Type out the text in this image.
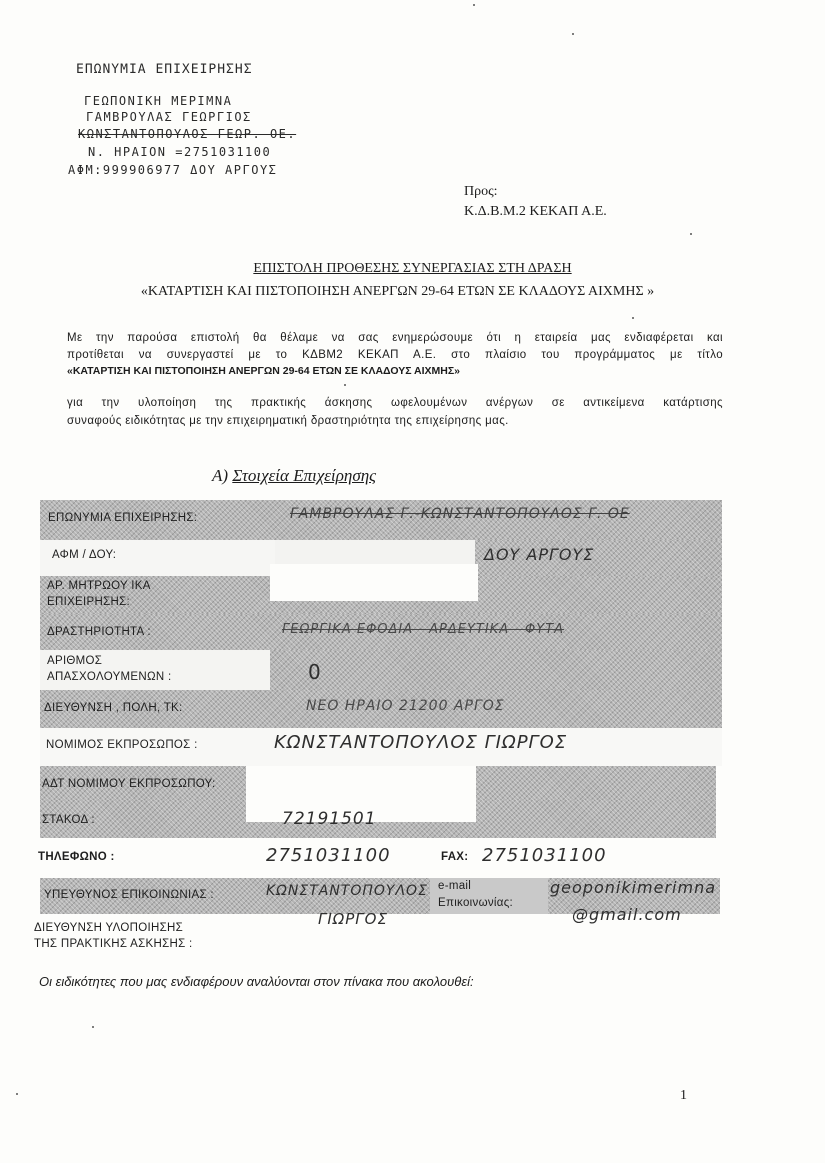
ΕΠΩΝΥΜΙΑ ΕΠΙΧΕΙΡΗΣΗΣ
ΓΕΩΠΟΝΙΚΗ ΜΕΡΙΜΝΑ
ΓΑΜΒΡΟΥΛΑΣ ΓΕΩΡΓΙΟΣ
ΚΩΝΣΤΑΝΤΟΠΟΥΛΟΣ ΓΕΩΡ. ΟΕ.
Ν. ΗΡΑΙΟΝ =2751031100
ΑΦΜ:999906977 ΔΟΥ ΑΡΓΟΥΣ
Προς:
Κ.Δ.Β.Μ.2 ΚΕΚΑΠ Α.Ε.
ΕΠΙΣΤΟΛΗ ΠΡΟΘΕΣΗΣ ΣΥΝΕΡΓΑΣΙΑΣ ΣΤΗ ΔΡΑΣΗ
«ΚΑΤΑΡΤΙΣΗ ΚΑΙ ΠΙΣΤΟΠΟΙΗΣΗ ΑΝΕΡΓΩΝ 29-64 ΕΤΩΝ ΣΕ ΚΛΑΔΟΥΣ ΑΙΧΜΗΣ »
Με την παρούσα επιστολή θα θέλαμε να σας ενημερώσουμε ότι η εταιρεία μας ενδιαφέρεται και
προτίθεται να συνεργαστεί με το ΚΔΒΜ2 ΚΕΚΑΠ Α.Ε. στο πλαίσιο του προγράμματος με τίτλο
«ΚΑΤΑΡΤΙΣΗ ΚΑΙ ΠΙΣΤΟΠΟΙΗΣΗ ΑΝΕΡΓΩΝ 29-64 ΕΤΩΝ ΣΕ ΚΛΑΔΟΥΣ ΑΙΧΜΗΣ»
για την υλοποίηση της πρακτικής άσκησης ωφελουμένων ανέργων σε αντικείμενα κατάρτισης
συναφούς ειδικότητας με την επιχειρηματική δραστηριότητα της επιχείρησης μας.
Α) Στοιχεία Επιχείρησης
ΕΠΩΝΥΜΙΑ ΕΠΙΧΕΙΡΗΣΗΣ:	ΓΑΜΒΡΟΥΛΑΣ Γ.-ΚΩΝΣΤΑΝΤΟΠΟΥΛΟΣ Γ. ΟΕ
ΑΦΜ / ΔΟΥ:	ΔΟΥ ΑΡΓΟΥΣ
ΑΡ. ΜΗΤΡΩΟΥ ΙΚΑ
ΕΠΙΧΕΙΡΗΣΗΣ:
ΔΡΑΣΤΗΡΙΟΤΗΤΑ :	ΓΕΩΡΓΙΚΑ ΕΦΟΔΙΑ - ΑΡΔΕΥΤΙΚΑ - ΦΥΤΑ
ΑΡΙΘΜΟΣ
ΑΠΑΣΧΟΛΟΥΜΕΝΩΝ :	0
ΔΙΕΥΘΥΝΣΗ , ΠΟΛΗ, ΤΚ:	ΝΕΟ ΗΡΑΙΟ 21200 ΑΡΓΟΣ
ΝΟΜΙΜΟΣ ΕΚΠΡΟΣΩΠΟΣ :	ΚΩΝΣΤΑΝΤΟΠΟΥΛΟΣ ΓΙΩΡΓΟΣ
ΑΔΤ ΝΟΜΙΜΟΥ ΕΚΠΡΟΣΩΠΟΥ:
ΣΤΑΚΟΔ :	72191501
ΤΗΛΕΦΩΝΟ :	2751031100	FAX: 2751031100
ΥΠΕΥΘΥΝΟΣ ΕΠΙΚΟΙΝΩΝΙΑΣ :	ΚΩΝΣΤΑΝΤΟΠΟΥΛΟΣ
ΓΙΩΡΓΟΣ
e-mail
Επικοινωνίας:
geoponikimerimna
@gmail.com
ΔΙΕΥΘΥΝΣΗ ΥΛΟΠΟΙΗΣΗΣ
ΤΗΣ ΠΡΑΚΤΙΚΗΣ ΑΣΚΗΣΗΣ :
Οι ειδικότητες που μας ενδιαφέρουν αναλύονται στον πίνακα που ακολουθεί:
1
